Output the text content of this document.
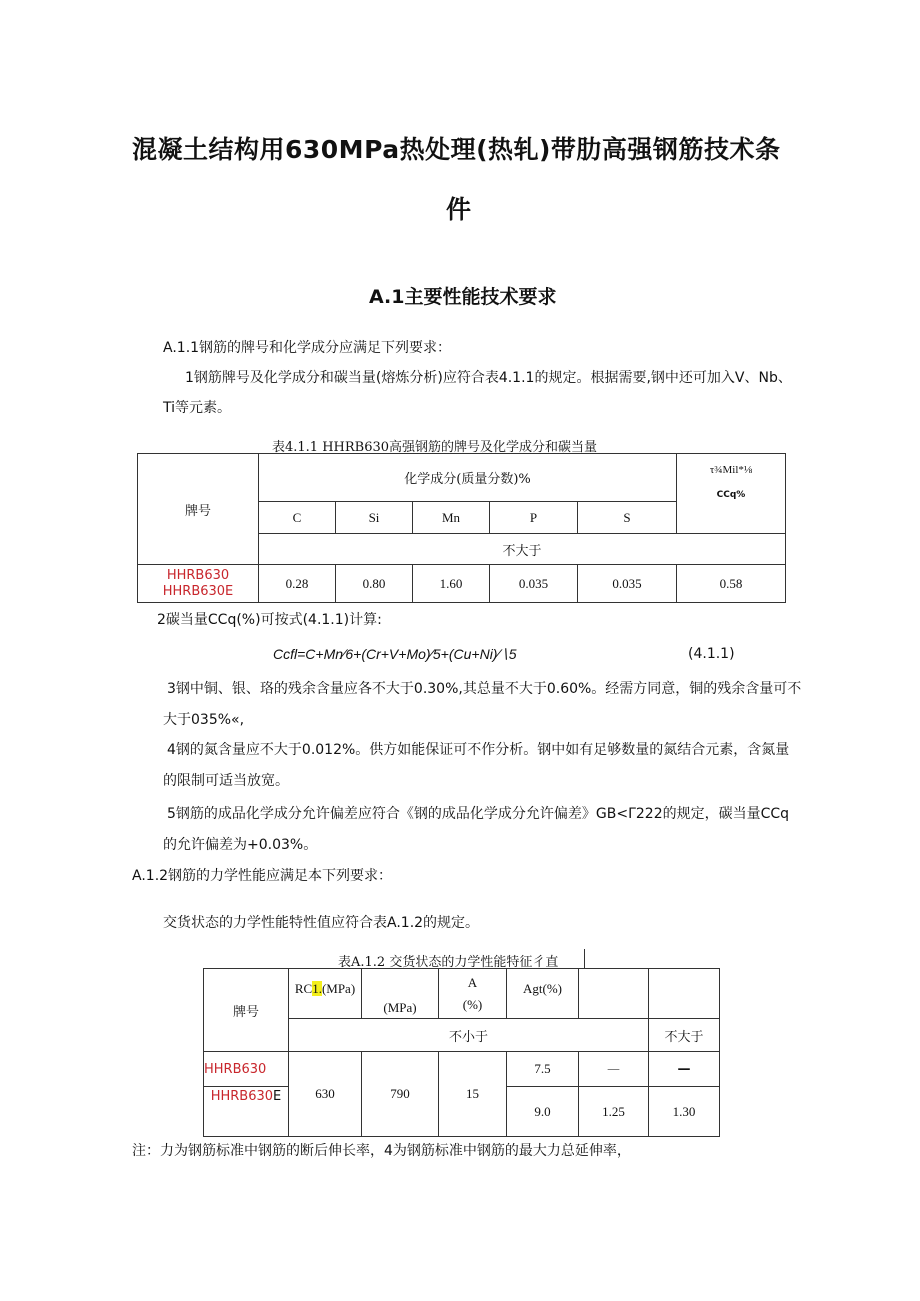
混凝土结构用630MPa热处理(热轧)带肋高强钢筋技术条
件
A.1主要性能技术要求
A.1.1钢筋的牌号和化学成分应满足下列要求：
1钢筋牌号及化学成分和碳当量(熔炼分析)应符合表4.1.1的规定。根据需要,钢中还可加入V、Nb、
Ti等元素。
表4.1.1 HHRB630高强钢筋的牌号及化学成分和碳当量
牌号	化学成分(质量分数)%					τ¾Mil*⅛
CCq%

	C	Si	Mn	P	S	
	不大于					

HHRB630
HHRB630E	0.28	0.80	1.60	0.035	0.035	0.58
2碳当量CCq(%)可按式(4.1.1)计算:
Ccfl=C+Mn∕6+(Cr+V+Mo)∕5+(Cu+Ni)∕∖5	(4.1.1)
3钢中铜、银、珞的残余含量应各不大于0.30%,其总量不大于0.60%。经需方同意，铜的残余含量可不
大于035%«,
4钢的氮含量应不大于0.012%。供方如能保证可不作分析。钢中如有足够数量的氮结合元素，含氮量
的限制可适当放宽。
5钢筋的成品化学成分允许偏差应符合《钢的成品化学成分允许偏差》GB<Γ222的规定，碳当量CCq
的允许偏差为+0.03%。
A.1.2钢筋的力学性能应满足本下列要求：
交货状态的力学性能特性值应符合表A.1.2的规定。
表A.1.2 交货状态的力学性能特征彳直
牌号	RC1.(MPa)	(MPa)	A
(%)	Agt(%)		
	不小于					不大于
HHRB630	630	790	15	7.5	—	—
HHRB630E				9.0	1.25	1.30
注：力为钢筋标准中钢筋的断后伸长率，4为钢筋标准中钢筋的最大力总延伸率，
